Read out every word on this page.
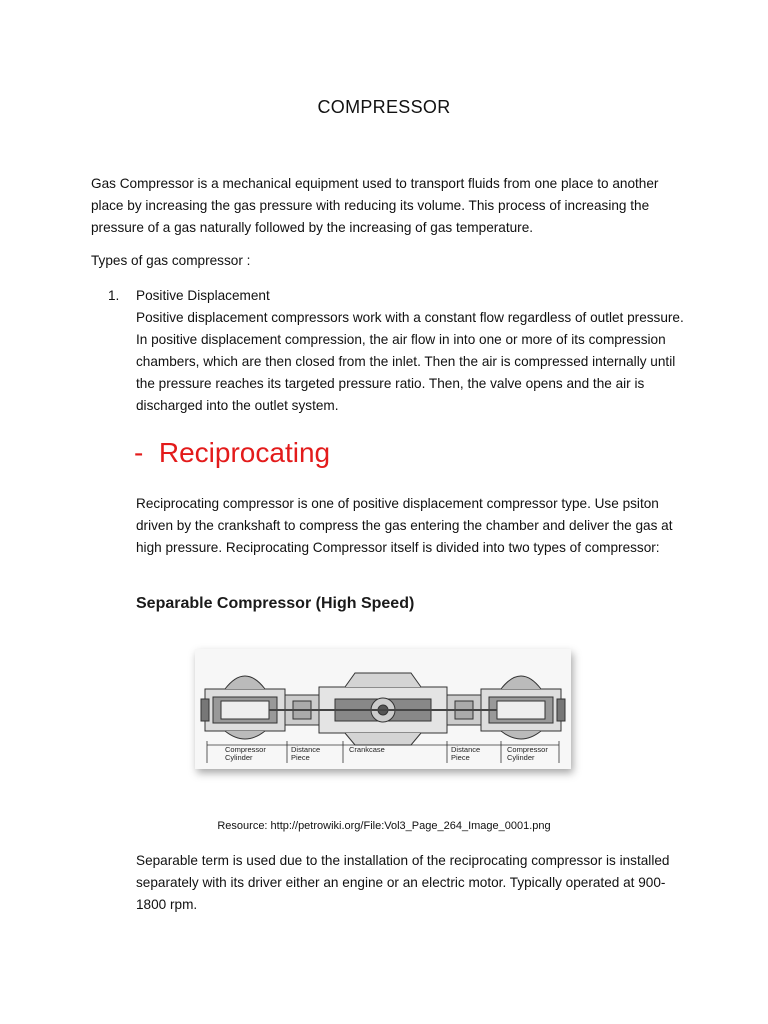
COMPRESSOR

Gas Compressor is a mechanical equipment used to transport fluids from one place to another place by increasing the gas pressure with reducing its volume. This process of increasing the pressure of a gas naturally followed by the increasing of gas temperature.

Types of gas compressor :

1. Positive Displacement

Positive displacement compressors work with a constant flow regardless of outlet pressure. In positive displacement compression, the air flow in into one or more of its compression chambers, which are then closed from the inlet. Then the air is compressed internally until the pressure reaches its targeted pressure ratio. Then, the valve opens and the air is discharged into the outlet system.

-  Reciprocating

Reciprocating compressor is one of positive displacement compressor type. Use psiton driven by the crankshaft to compress the gas entering the chamber and deliver the gas at high pressure. Reciprocating Compressor itself is divided into two types of compressor:

Separable Compressor (High Speed)
Compressor
Cylinder
Distance
Piece
Crankcase	Distance
Piece
Compressor
Cylinder
Resource: http://petrowiki.org/File:Vol3_Page_264_Image_0001.png

Separable term is used due to the installation of the reciprocating compressor is installed separately with its driver either an engine or an electric motor. Typically operated at 900-1800 rpm.
